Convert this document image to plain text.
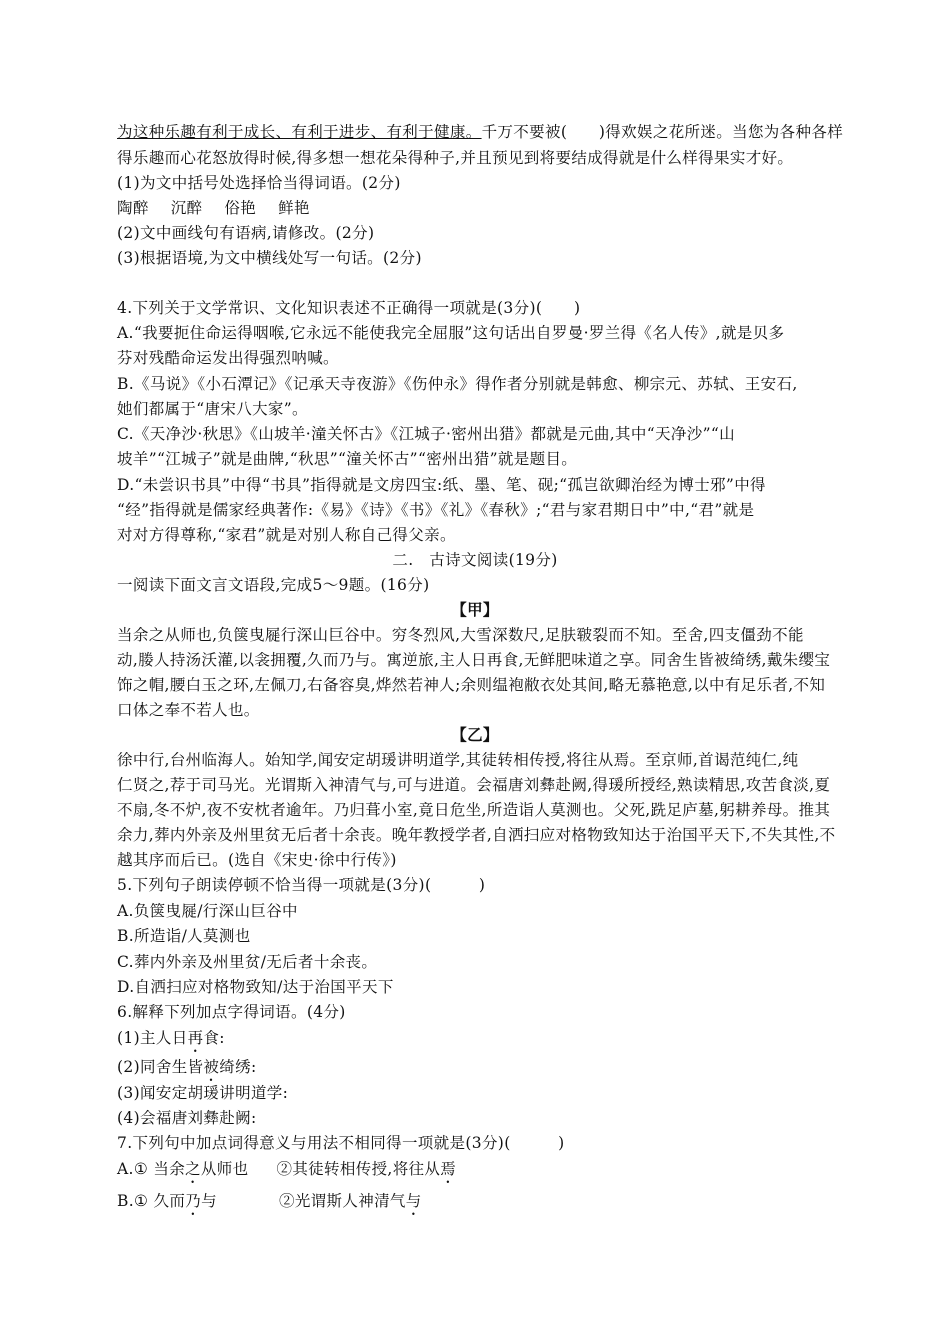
为这种乐趣有利于成长、有利于进步、有利于健康。千万不要被(　　)得欢娱之花所迷。当您为各种各样
得乐趣而心花怒放得时候,得多想一想花朵得种子,并且预见到将要结成得就是什么样得果实才好。
(1)为文中括号处选择恰当得词语。(2分)
陶醉 沉醉 俗艳 鲜艳
(2)文中画线句有语病,请修改。(2分)
(3)根据语境,为文中横线处写一句话。(2分)
4.下列关于文学常识、文化知识表述不正确得一项就是(3分)(　　)
A.“我要扼住命运得咽喉,它永远不能使我完全屈服”这句话出自罗曼·罗兰得《名人传》,就是贝多
芬对残酷命运发出得强烈呐喊。
B.《马说》《小石潭记》《记承天寺夜游》《伤仲永》得作者分别就是韩愈、柳宗元、苏轼、王安石,
她们都属于“唐宋八大家”。
C.《天净沙·秋思》《山坡羊·潼关怀古》《江城子·密州出猎》都就是元曲,其中“天净沙”“山
坡羊”“江城子”就是曲牌,“秋思”“潼关怀古”“密州出猎”就是题目。
D.“未尝识书具”中得“书具”指得就是文房四宝:纸、墨、笔、砚;“孤岂欲卿治经为博士邪”中得
“经”指得就是儒家经典著作:《易》《诗》《书》《礼》《春秋》;“君与家君期日中”中,“君”就是
对对方得尊称,“家君”就是对别人称自己得父亲。
二.　古诗文阅读(19分)
一阅读下面文言文语段,完成5～9题。(16分)
【甲】
当余之从师也,负箧曳屣行深山巨谷中。穷冬烈风,大雪深数尺,足肤皲裂而不知。至舍,四支僵劲不能
动,媵人持汤沃灌,以衾拥覆,久而乃与。寓逆旅,主人日再食,无鲜肥味道之享。同舍生皆被绮绣,戴朱缨宝
饰之帽,腰白玉之环,左佩刀,右备容臭,烨然若神人;余则缊袍敝衣处其间,略无慕艳意,以中有足乐者,不知
口体之奉不若人也。
【乙】
徐中行,台州临海人。始知学,闻安定胡瑗讲明道学,其徒转相传授,将往从焉。至京师,首谒范纯仁,纯
仁贤之,荐于司马光。光谓斯入神清气与,可与进道。会福唐刘彝赴阙,得瑗所授经,熟读精思,攻苦食淡,夏
不扇,冬不炉,夜不安枕者逾年。乃归葺小室,竟日危坐,所造诣人莫测也。父死,跣足庐墓,躬耕养母。推其
余力,葬内外亲及州里贫无后者十余丧。晚年教授学者,自洒扫应对格物致知达于治国平天下,不失其性,不
越其序而后已。(选自《宋史·徐中行传》)
5.下列句子朗读停顿不恰当得一项就是(3分)(　　　)
A.负箧曳屣/行深山巨谷中
B.所造诣/人莫测也
C.葬内外亲及州里贫/无后者十余丧。
D.自洒扫应对格物致知/达于治国平天下
6.解释下列加点字得词语。(4分)
(1)主人日再食:
(2)同舍生皆被绮绣:
(3)闻安定胡瑗讲明道学:
(4)会福唐刘彝赴阙:
7.下列句中加点词得意义与用法不相同得一项就是(3分)(　　　)
A.① 当余之从师也 ②其徒转相传授,将往从焉
B.① 久而乃与	②光谓斯人神清气与
